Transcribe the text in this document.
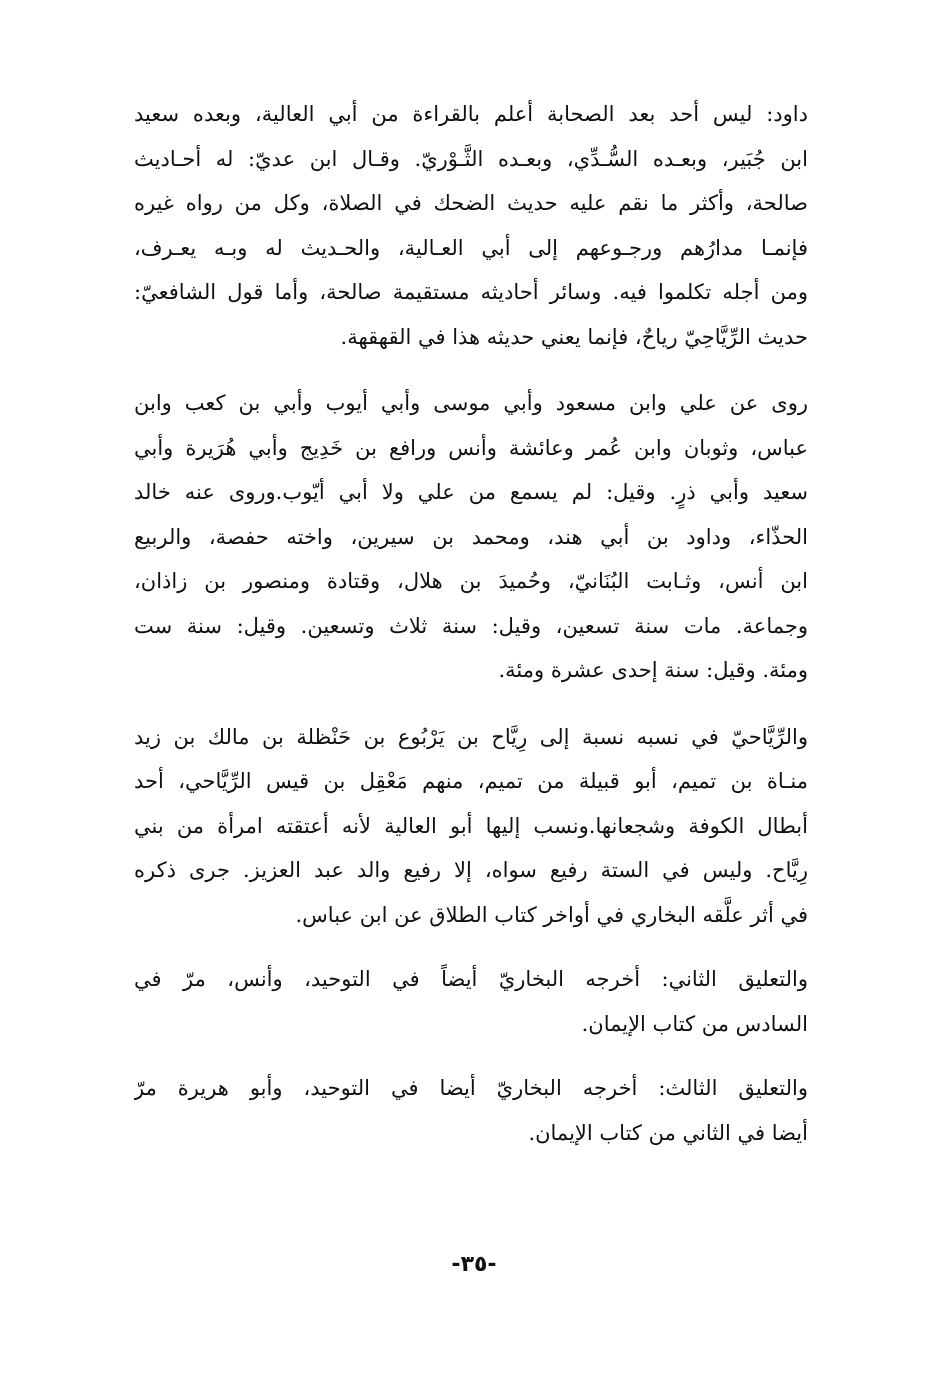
داود: ليس أحد بعد الصحابة أعلم بالقراءة من أبي العالية، وبعده سعيد
ابن جُبَير، وبعـده السُّـدِّي، وبعـده الثَّـوْريّ. وقـال ابن عديّ: له أحـاديث
صالحة، وأكثر ما نقم عليه حديث الضحك في الصلاة، وكل من رواه غيره
فإنمـا مدارُهم ورجـوعهم إلى أبي العـالية، والحـديث له وبـه يعـرف،
ومن أجله تكلموا فيه. وسائر أحاديثه مستقيمة صالحة، وأما قول الشافعيّ:
حديث الرِّيَّاحِيّ رياحٌ، فإنما يعني حديثه هذا في القهقهة.

روى عن علي وابن مسعود وأبي موسى وأبي أيوب وأبي بن كعب وابن
عباس، وثوبان وابن عُمر وعائشة وأنس ورافع بن خَدِيج وأبي هُرَيرة وأبي
سعيد وأبي ذرٍ. وقيل: لم يسمع من علي ولا أبي أيّوب.وروى عنه خالد
الحذّاء، وداود بن أبي هند، ومحمد بن سيرين، واخته حفصة، والربيع
ابن أنس، وثـابت البُنَانيّ، وحُميدَ بن هلال، وقتادة ومنصور بن زاذان،
وجماعة. مات سنة تسعين، وقيل: سنة ثلاث وتسعين. وقيل: سنة ست
ومئة. وقيل: سنة إحدى عشرة ومئة.

والرِّيَّاحيّ في نسبه نسبة إلى رِيَّاح بن يَرْبُوع بن حَنْظلة بن مالك بن زيد
منـاة بن تميم، أبو قبيلة من تميم، منهم مَعْقِل بن قيس الرِّيَّاحي، أحد
أبطال الكوفة وشجعانها.ونسب إليها أبو العالية لأنه أعتقته امرأة من بني
رِيَّاح. وليس في الستة رفيع سواه، إلا رفيع والد عبد العزيز. جرى ذكره
في أثر علَّقه البخاري في أواخر كتاب الطلاق عن ابن عباس.

والتعليق الثاني: أخرجه البخاريّ أيضاً في التوحيد، وأنس، مرّ في
السادس من كتاب الإيمان.

والتعليق الثالث: أخرجه البخاريّ أيضا في التوحيد، وأبو هريرة مرّ
أيضا في الثاني من كتاب الإيمان.

-٣٥-
